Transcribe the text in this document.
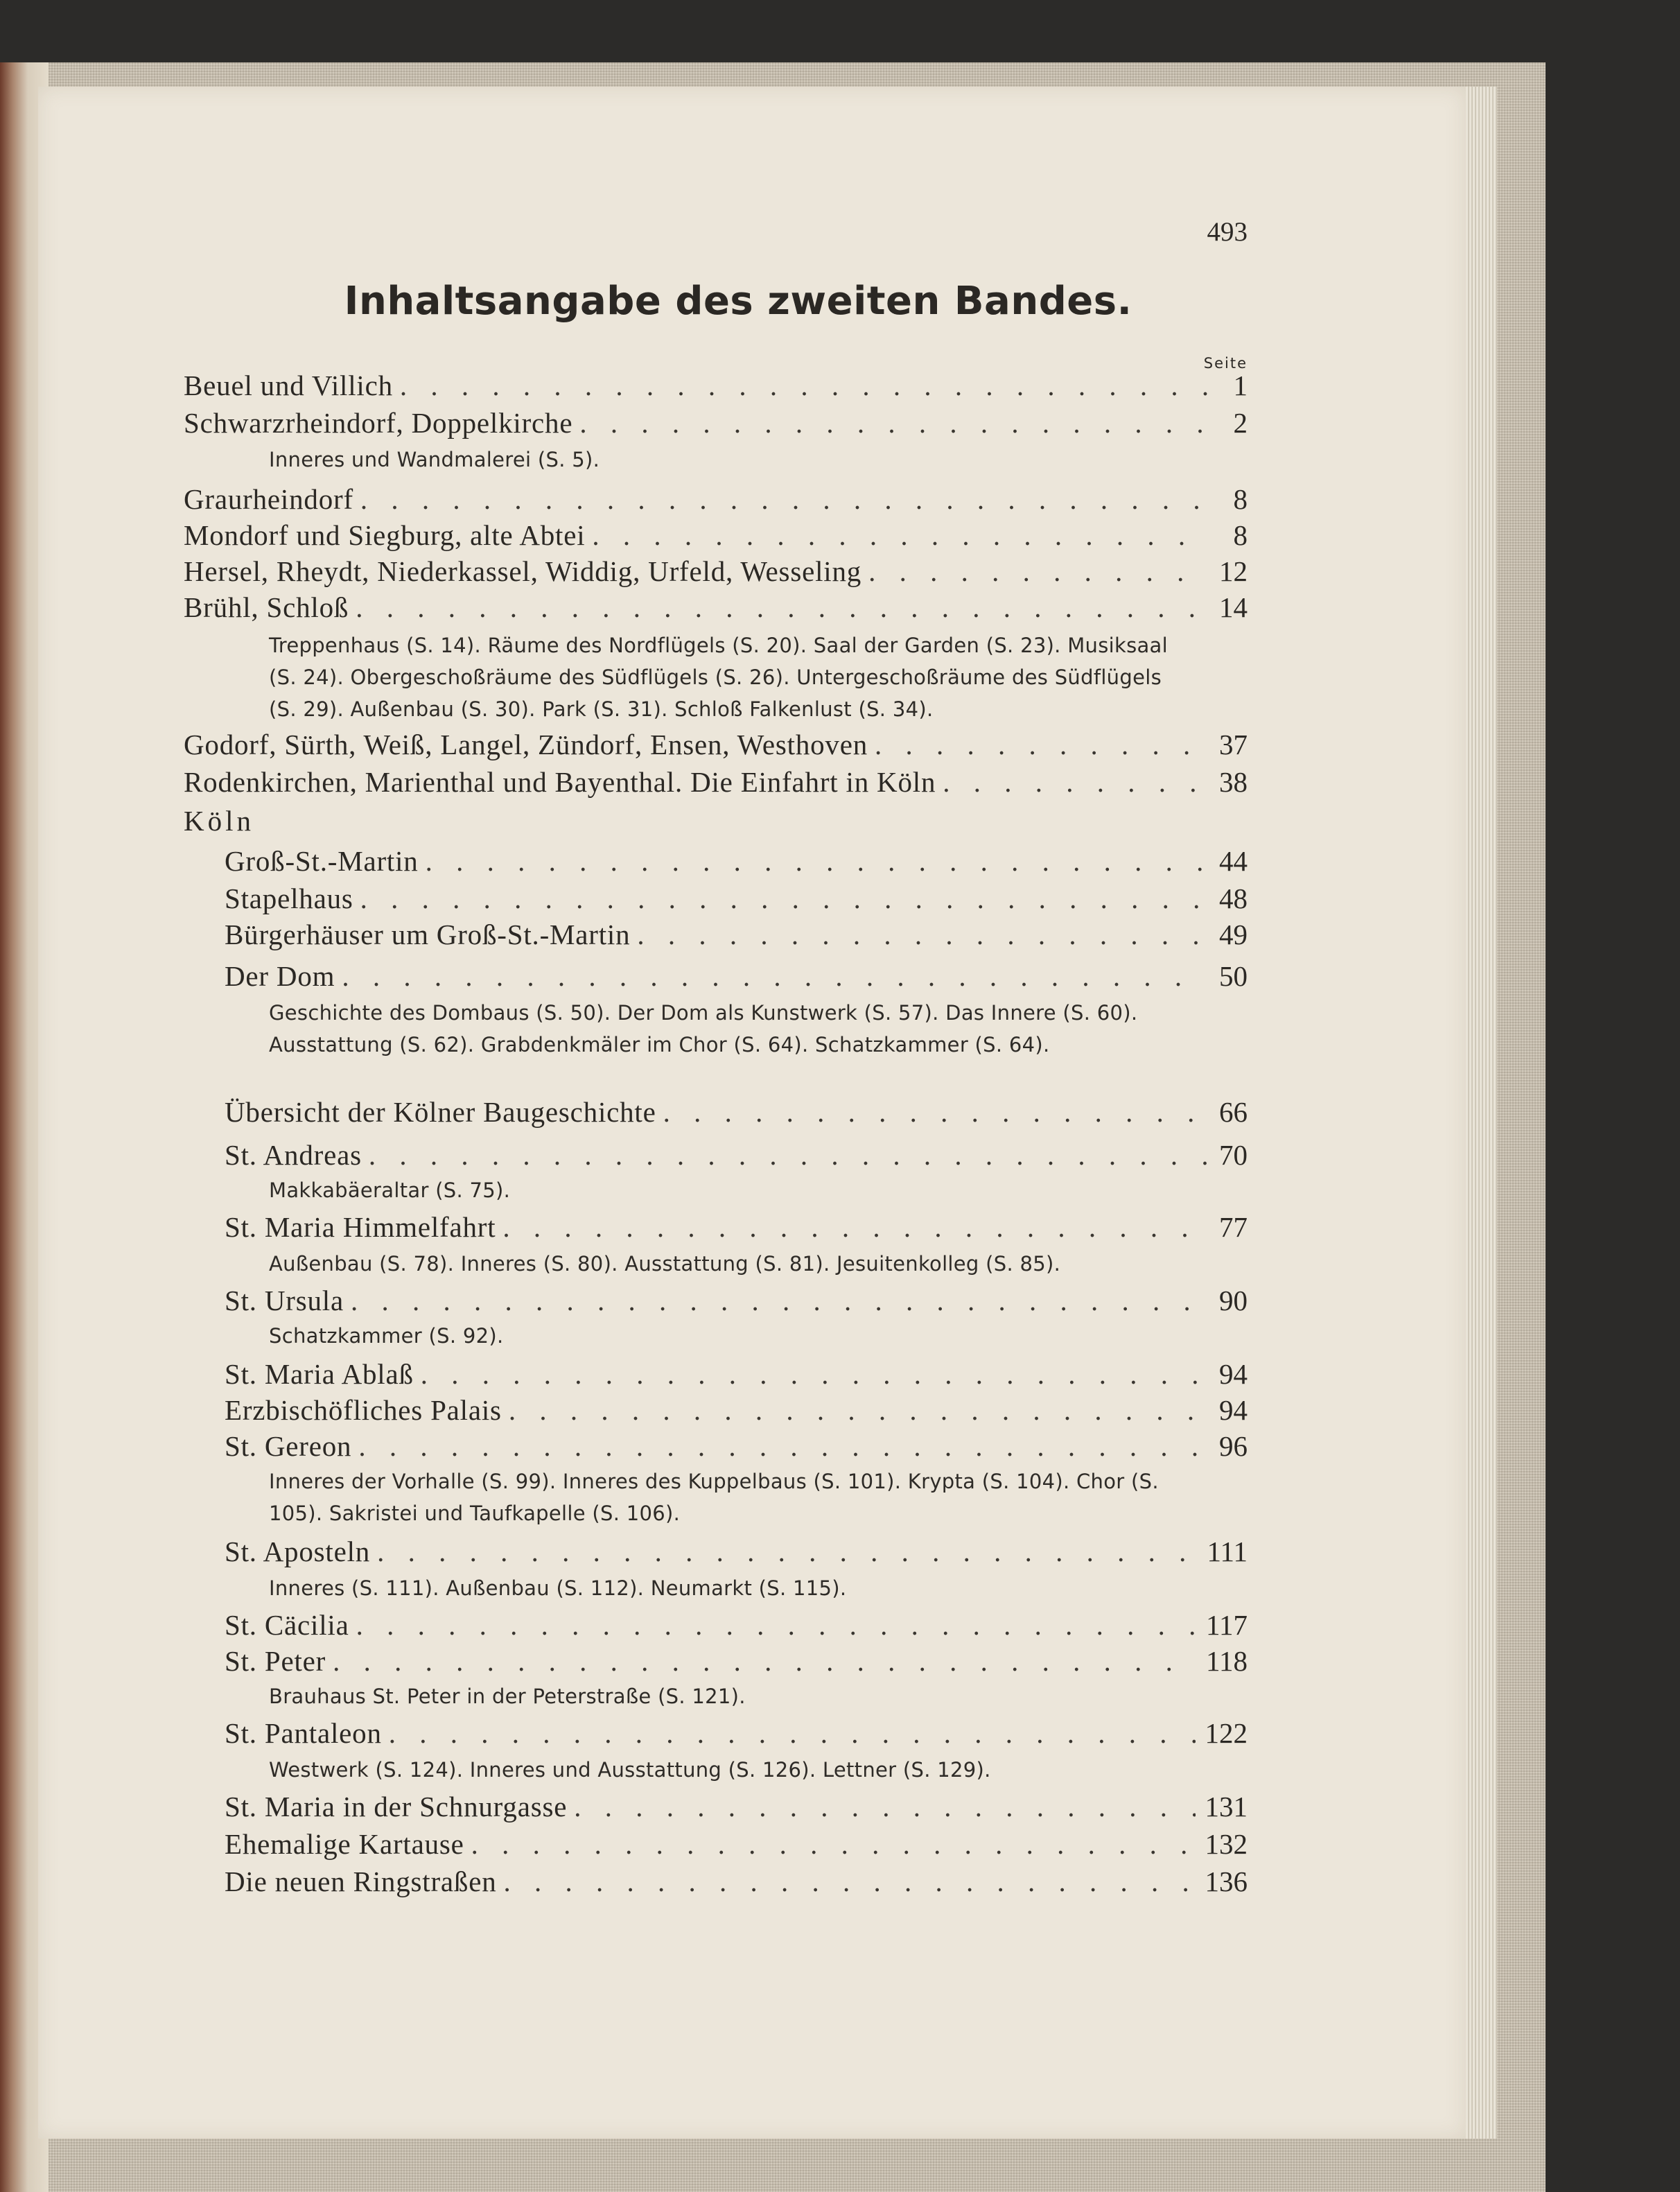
493
Inhaltsangabe des zweiten Bandes.
Seite
Beuel und Villich . . .	1
Schwarzrheindorf, Doppelkirche . . .	2
Inneres und Wandmalerei (S. 5).
Graurheindorf . . .	8
Mondorf und Siegburg, alte Abtei . . .	8
Hersel, Rheydt, Niederkassel, Widdig, Urfeld, Wesseling . . .	12
Brühl, Schloß . . .	14
Treppenhaus (S. 14). Räume des Nordflügels (S. 20). Saal der Garden (S. 23). Musiksaal (S. 24). Obergeschoßräume des Südflügels (S. 26). Untergeschoßräume des Südflügels (S. 29). Außenbau (S. 30). Park (S. 31). Schloß Falkenlust (S. 34).
Godorf, Sürth, Weiß, Langel, Zündorf, Ensen, Westhoven . . .	37
Rodenkirchen, Marienthal und Bayenthal. Die Einfahrt in Köln . . .	38
Köln
Groß-St.-Martin . . .	44
Stapelhaus . . .	48
Bürgerhäuser um Groß-St.-Martin . . .	49
Der Dom . . .	50
Geschichte des Dombaus (S. 50). Der Dom als Kunstwerk (S. 57). Das Innere (S. 60). Ausstattung (S. 62). Grabdenkmäler im Chor (S. 64). Schatzkammer (S. 64).
Übersicht der Kölner Baugeschichte . . .	66
St. Andreas . . .	70
Makkabäeraltar (S. 75).
St. Maria Himmelfahrt . . .	77
Außenbau (S. 78). Inneres (S. 80). Ausstattung (S. 81). Jesuitenkolleg (S. 85).
St. Ursula . . .	90
Schatzkammer (S. 92).
St. Maria Ablaß . . .	94
Erzbischöfliches Palais . . .	94
St. Gereon . . .	96
Inneres der Vorhalle (S. 99). Inneres des Kuppelbaus (S. 101). Krypta (S. 104). Chor (S. 105). Sakristei und Taufkapelle (S. 106).
St. Aposteln . . .	111
Inneres (S. 111). Außenbau (S. 112). Neumarkt (S. 115).
St. Cäcilia . . .	117
St. Peter . . .	118
Brauhaus St. Peter in der Peterstraße (S. 121).
St. Pantaleon . . .	122
Westwerk (S. 124). Inneres und Ausstattung (S. 126). Lettner (S. 129).
St. Maria in der Schnurgasse . . .	131
Ehemalige Kartause . . .	132
Die neuen Ringstraßen . . .	136
